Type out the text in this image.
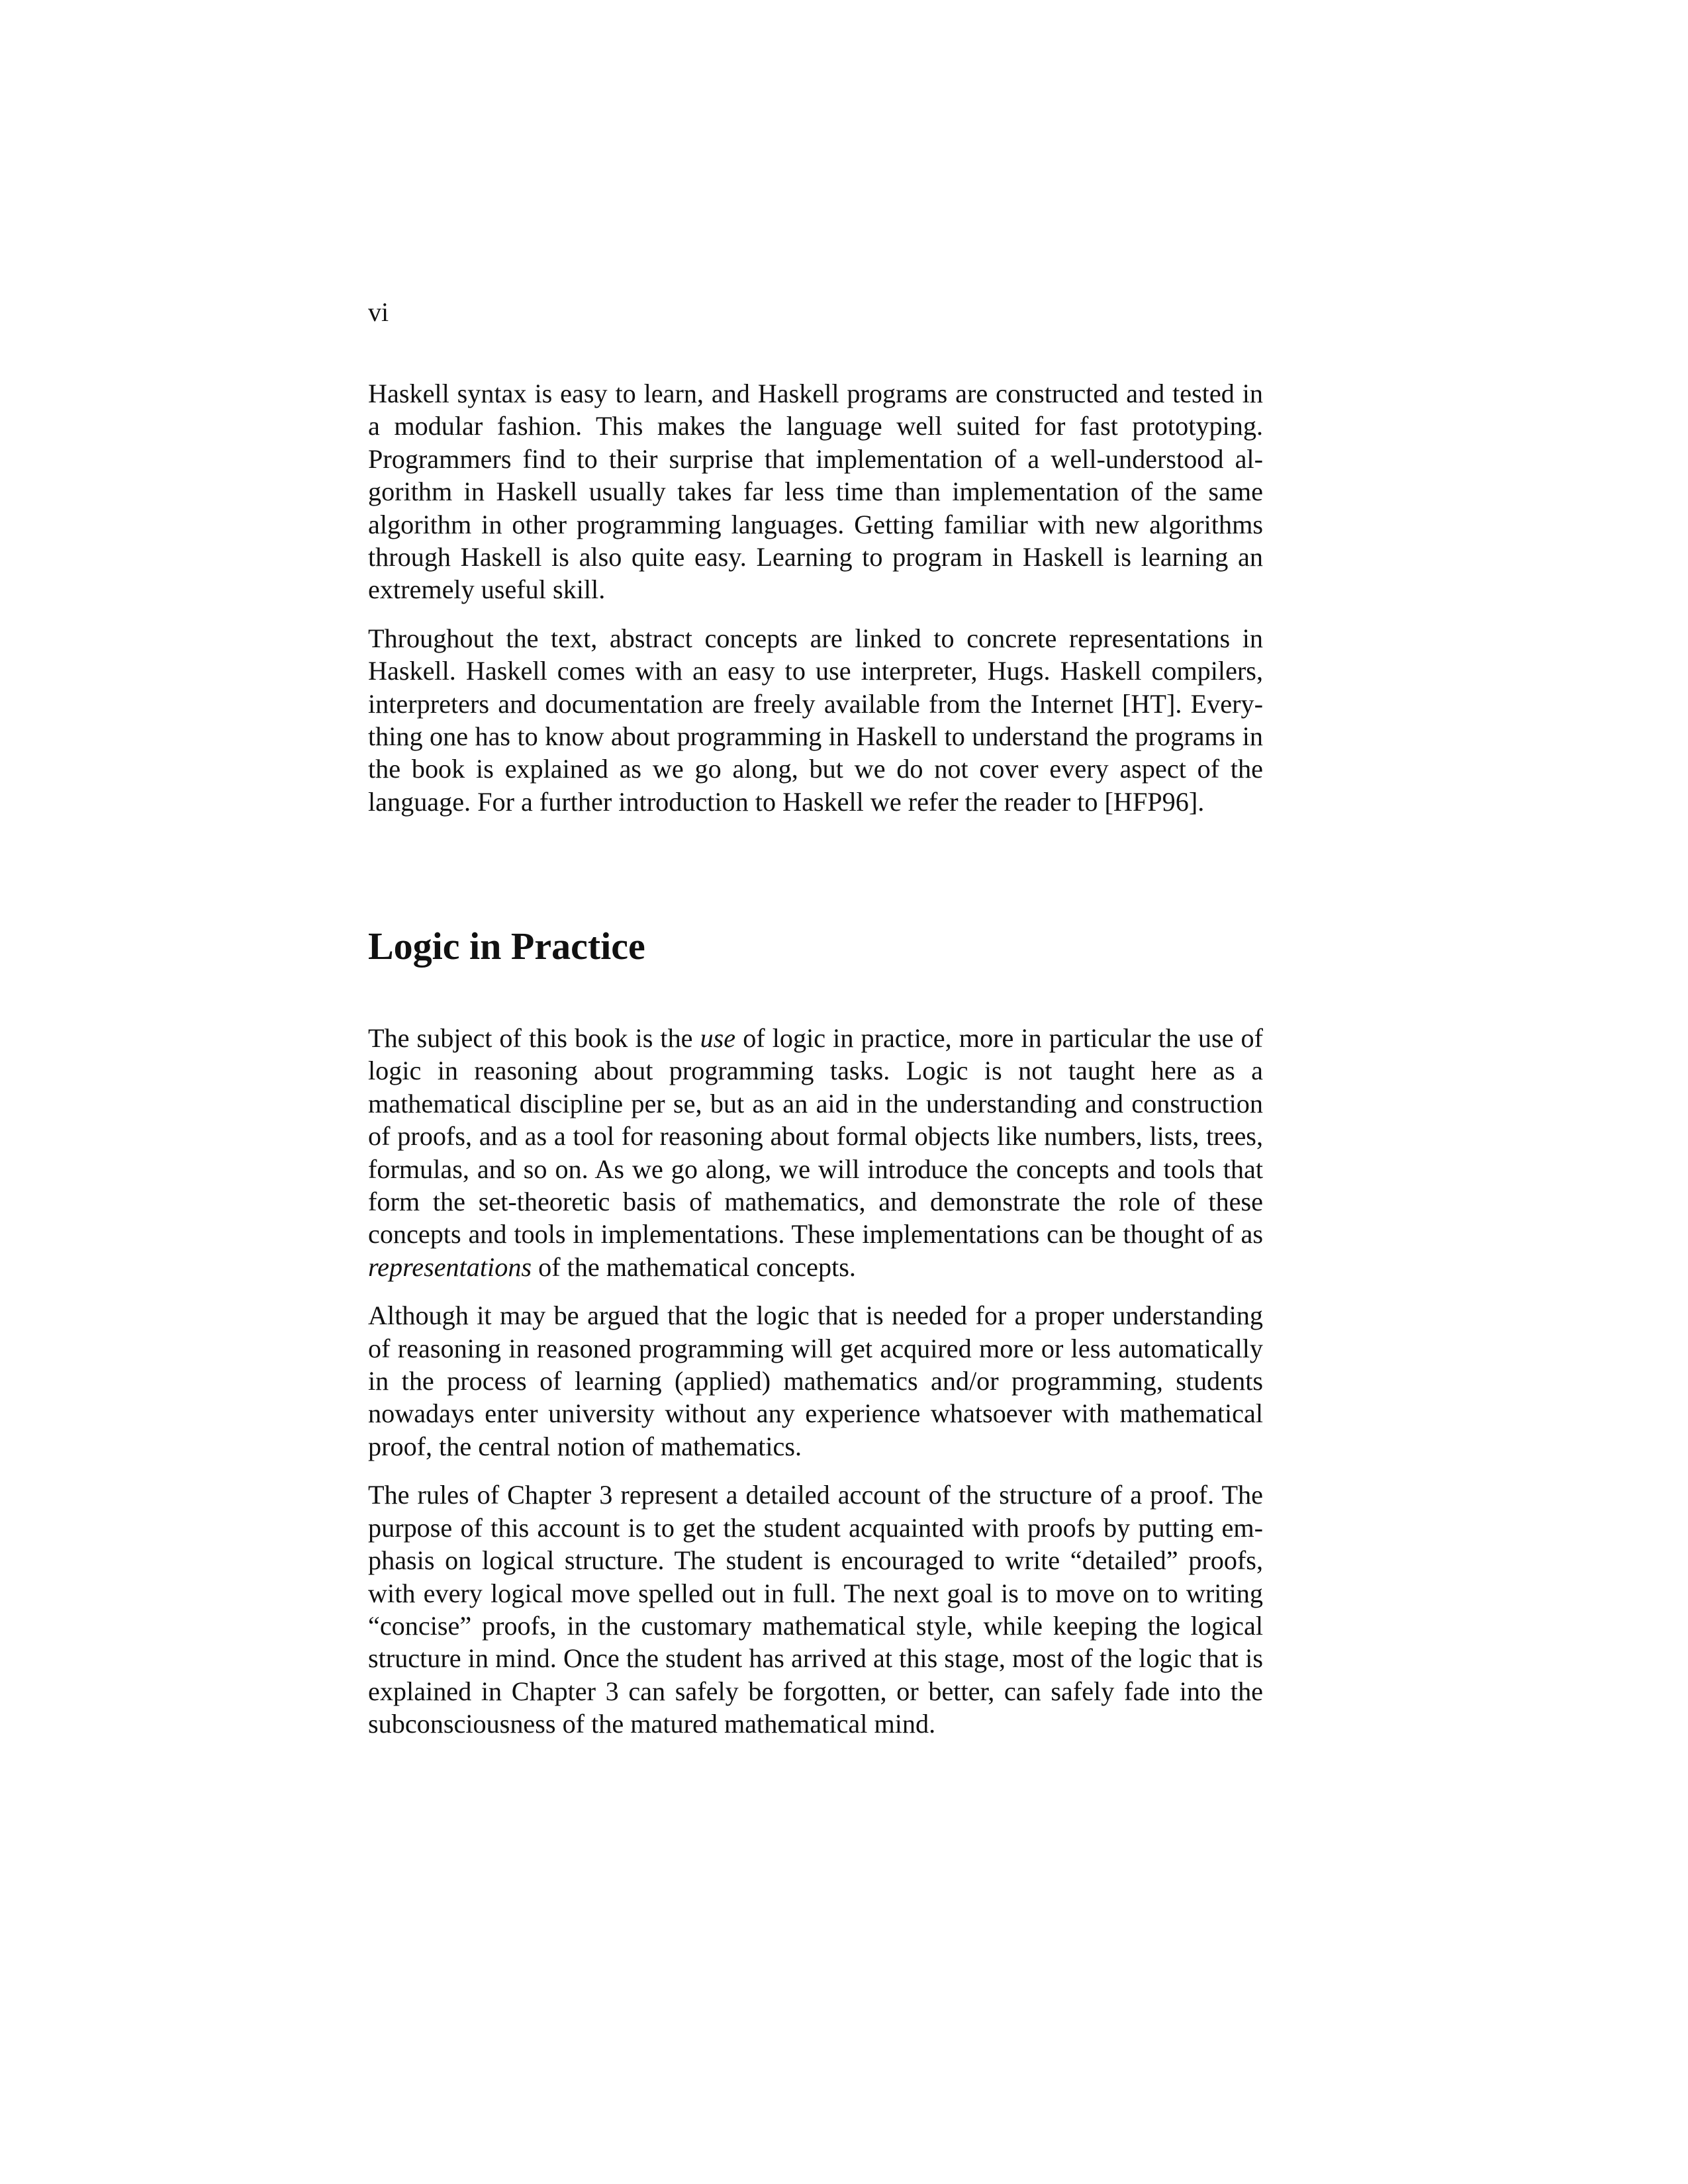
vi

Haskell syntax is easy to learn, and Haskell programs are constructed and tested in a modular fashion. This makes the language well suited for fast prototyping. Programmers find to their surprise that implementation of a well-understood algorithm in Haskell usually takes far less time than implementation of the same algorithm in other programming languages. Getting familiar with new algorithms through Haskell is also quite easy. Learning to program in Haskell is learning an extremely useful skill.

Throughout the text, abstract concepts are linked to concrete representations in Haskell. Haskell comes with an easy to use interpreter, Hugs. Haskell compilers, interpreters and documentation are freely available from the Internet [HT]. Everything one has to know about programming in Haskell to understand the programs in the book is explained as we go along, but we do not cover every aspect of the language. For a further introduction to Haskell we refer the reader to [HFP96].

Logic in Practice

The subject of this book is the use of logic in practice, more in particular the use of logic in reasoning about programming tasks. Logic is not taught here as a mathematical discipline per se, but as an aid in the understanding and construction of proofs, and as a tool for reasoning about formal objects like numbers, lists, trees, formulas, and so on. As we go along, we will introduce the concepts and tools that form the set-theoretic basis of mathematics, and demonstrate the role of these concepts and tools in implementations. These implementations can be thought of as representations of the mathematical concepts.

Although it may be argued that the logic that is needed for a proper understanding of reasoning in reasoned programming will get acquired more or less automatically in the process of learning (applied) mathematics and/or programming, students nowadays enter university without any experience whatsoever with mathematical proof, the central notion of mathematics.

The rules of Chapter 3 represent a detailed account of the structure of a proof. The purpose of this account is to get the student acquainted with proofs by putting emphasis on logical structure. The student is encouraged to write “detailed” proofs, with every logical move spelled out in full. The next goal is to move on to writing “concise” proofs, in the customary mathematical style, while keeping the logical structure in mind. Once the student has arrived at this stage, most of the logic that is explained in Chapter 3 can safely be forgotten, or better, can safely fade into the subconsciousness of the matured mathematical mind.
